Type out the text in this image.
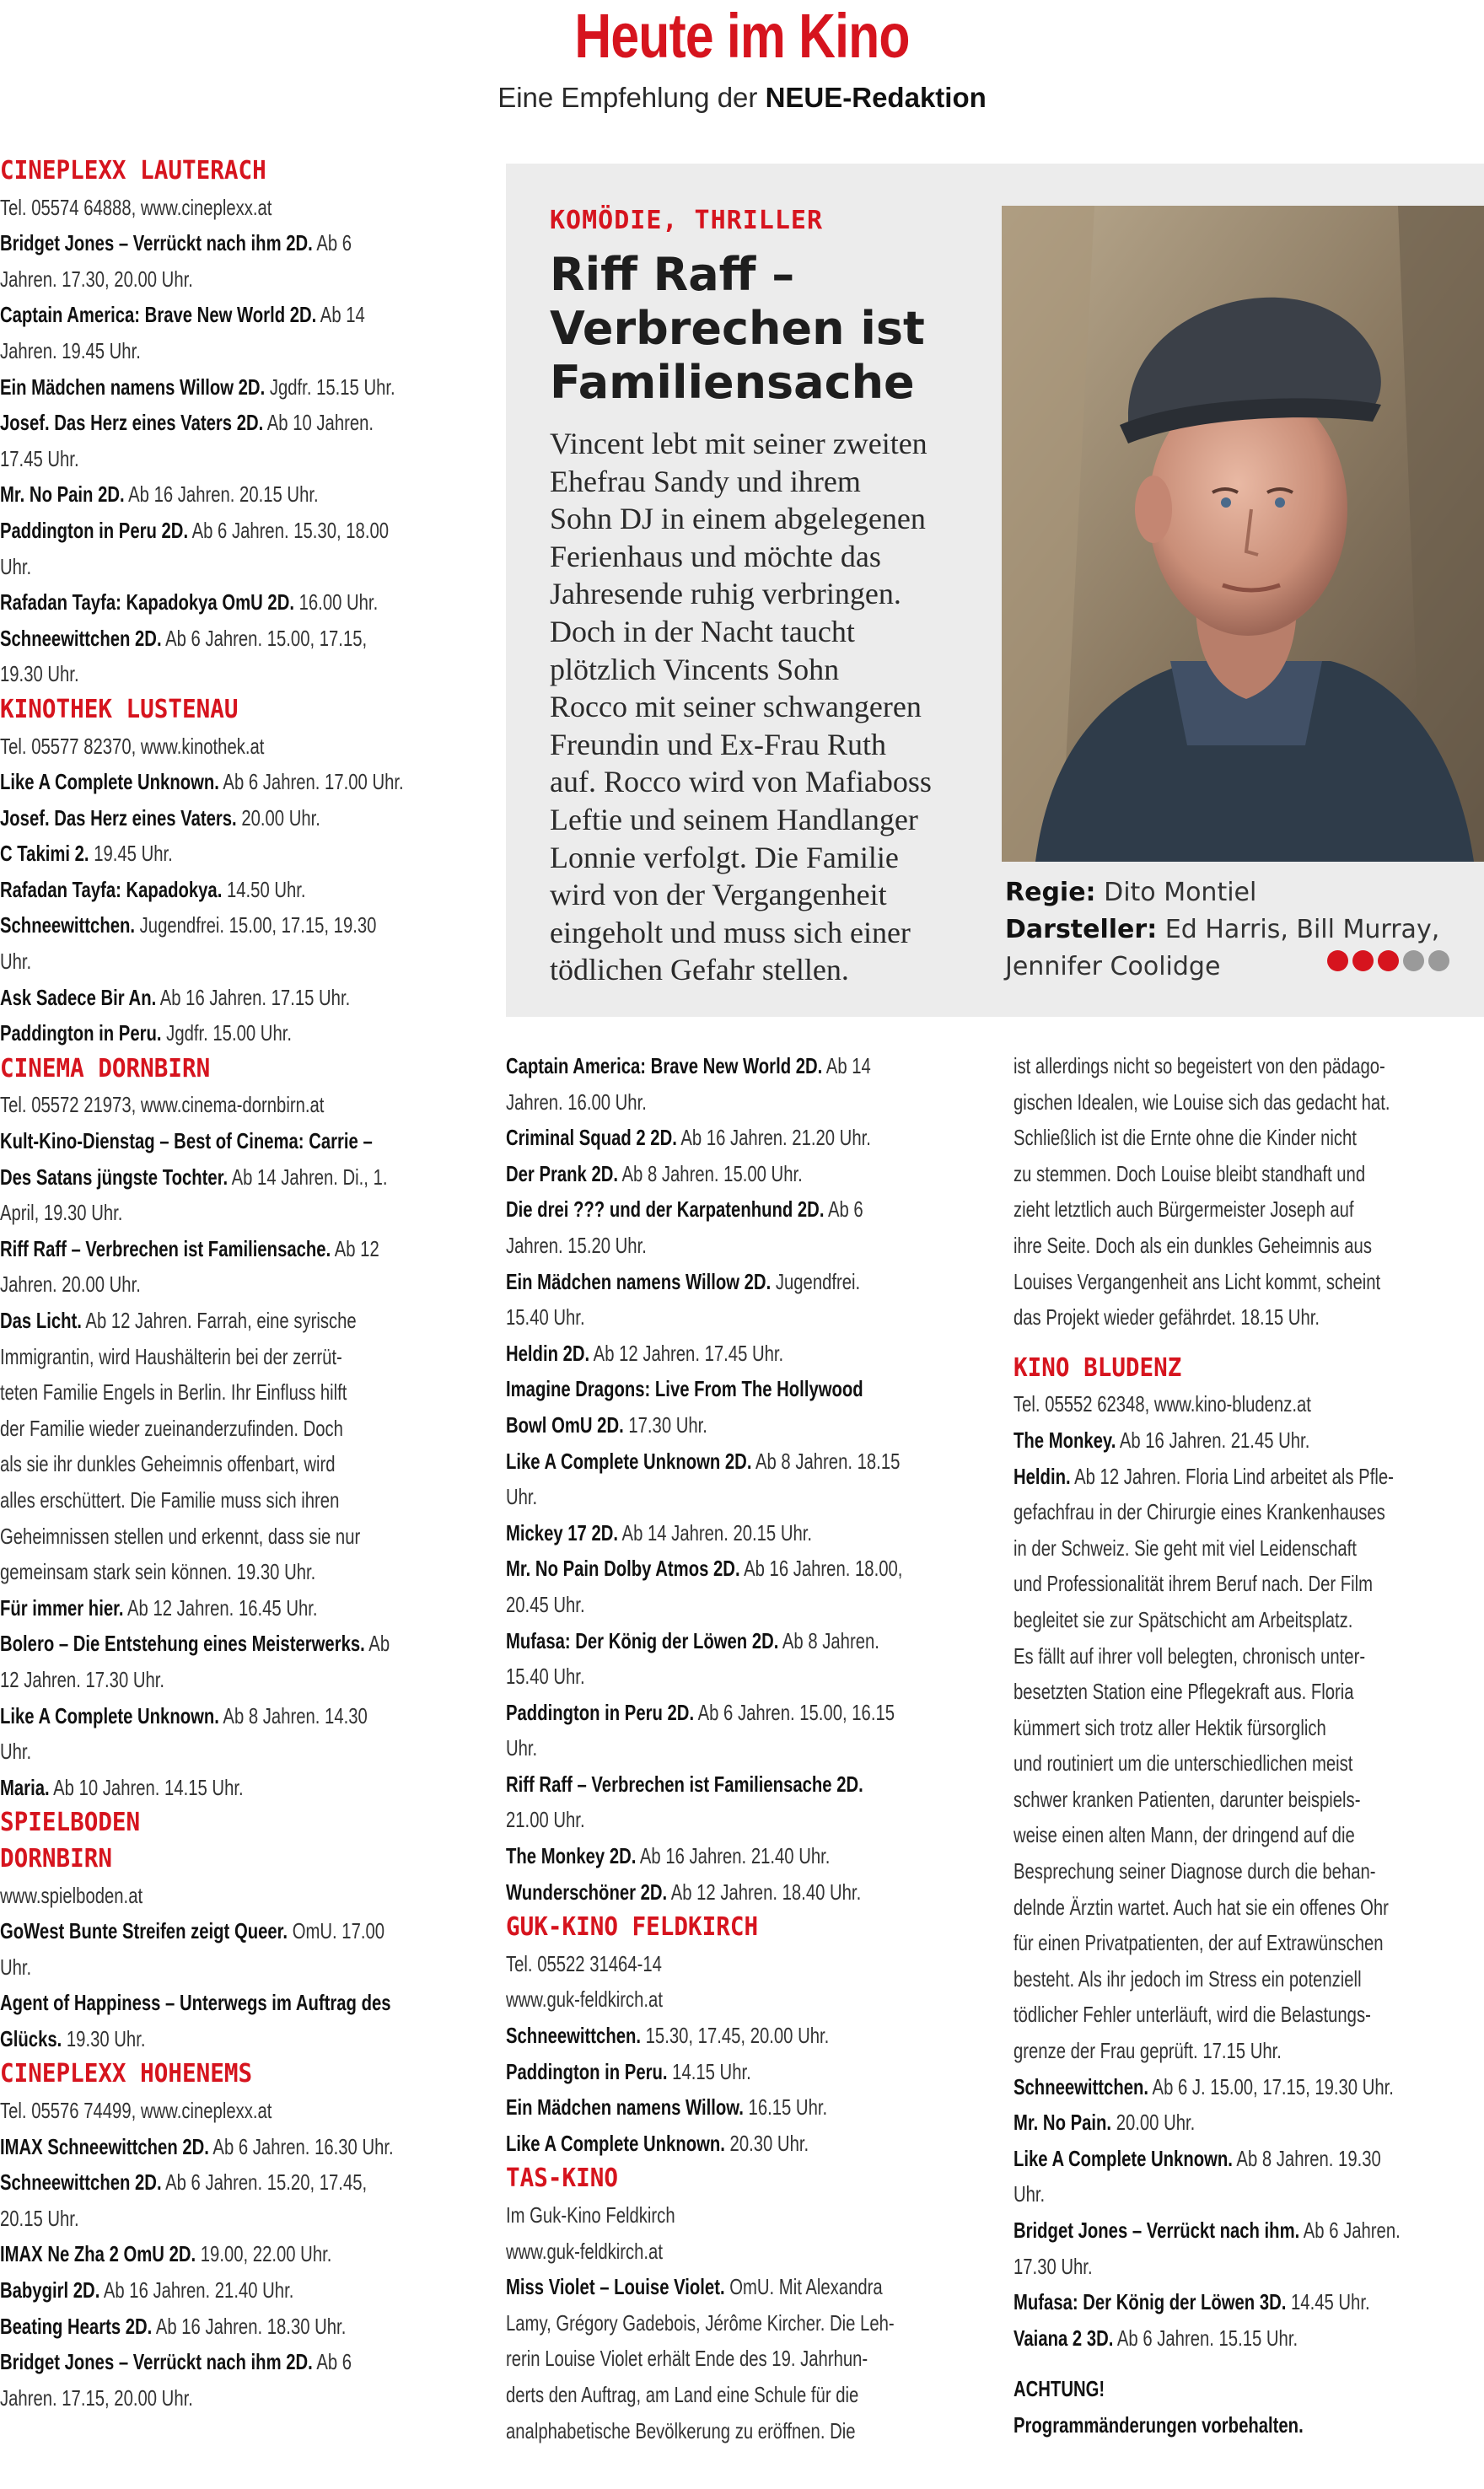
Heute im Kino
Eine Empfehlung der NEUE-Redaktion
CINEPLEXX LAUTERACH
Tel. 05574 64888, www.cineplexx.at
Bridget Jones – Verrückt nach ihm 2D. Ab 6
Jahren. 17.30, 20.00 Uhr.
Captain America: Brave New World 2D. Ab 14
Jahren. 19.45 Uhr.
Ein Mädchen namens Willow 2D. Jgdfr. 15.15 Uhr.
Josef. Das Herz eines Vaters 2D. Ab 10 Jahren.
17.45 Uhr.
Mr. No Pain 2D. Ab 16 Jahren. 20.15 Uhr.
Paddington in Peru 2D. Ab 6 Jahren. 15.30, 18.00
Uhr.
Rafadan Tayfa: Kapadokya OmU 2D. 16.00 Uhr.
Schneewittchen 2D. Ab 6 Jahren. 15.00, 17.15,
19.30 Uhr.
KINOTHEK LUSTENAU
Tel. 05577 82370, www.kinothek.at
Like A Complete Unknown. Ab 6 Jahren. 17.00 Uhr.
Josef. Das Herz eines Vaters. 20.00 Uhr.
C Takimi 2. 19.45 Uhr.
Rafadan Tayfa: Kapadokya. 14.50 Uhr.
Schneewittchen. Jugendfrei. 15.00, 17.15, 19.30
Uhr.
Ask Sadece Bir An. Ab 16 Jahren. 17.15 Uhr.
Paddington in Peru. Jgdfr. 15.00 Uhr.
CINEMA DORNBIRN
Tel. 05572 21973, www.cinema-dornbirn.at
Kult-Kino-Dienstag – Best of Cinema: Carrie –
Des Satans jüngste Tochter. Ab 14 Jahren. Di., 1.
April, 19.30 Uhr.
Riff Raff – Verbrechen ist Familiensache. Ab 12
Jahren. 20.00 Uhr.
Das Licht. Ab 12 Jahren. Farrah, eine syrische
Immigrantin, wird Haushälterin bei der zerrüt-
teten Familie Engels in Berlin. Ihr Einfluss hilft
der Familie wieder zueinanderzufinden. Doch
als sie ihr dunkles Geheimnis offenbart, wird
alles erschüttert. Die Familie muss sich ihren
Geheimnissen stellen und erkennt, dass sie nur
gemeinsam stark sein können. 19.30 Uhr.
Für immer hier. Ab 12 Jahren. 16.45 Uhr.
Bolero – Die Entstehung eines Meisterwerks. Ab
12 Jahren. 17.30 Uhr.
Like A Complete Unknown. Ab 8 Jahren. 14.30
Uhr.
Maria. Ab 10 Jahren. 14.15 Uhr.
SPIELBODEN
DORNBIRN
www.spielboden.at
GoWest Bunte Streifen zeigt Queer. OmU. 17.00
Uhr.
Agent of Happiness – Unterwegs im Auftrag des
Glücks. 19.30 Uhr.
CINEPLEXX HOHENEMS
Tel. 05576 74499, www.cineplexx.at
IMAX Schneewittchen 2D. Ab 6 Jahren. 16.30 Uhr.
Schneewittchen 2D. Ab 6 Jahren. 15.20, 17.45,
20.15 Uhr.
IMAX Ne Zha 2 OmU 2D. 19.00, 22.00 Uhr.
Babygirl 2D. Ab 16 Jahren. 21.40 Uhr.
Beating Hearts 2D. Ab 16 Jahren. 18.30 Uhr.
Bridget Jones – Verrückt nach ihm 2D. Ab 6
Jahren. 17.15, 20.00 Uhr.
KOMÖDIE, THRILLER
Riff Raff –
Verbrechen ist
Familiensache
Vincent lebt mit seiner zweiten
Ehefrau Sandy und ihrem
Sohn DJ in einem abgelegenen
Ferienhaus und möchte das
Jahresende ruhig verbringen.
Doch in der Nacht taucht
plötzlich Vincents Sohn
Rocco mit seiner schwangeren
Freundin und Ex-Frau Ruth
auf. Rocco wird von Mafiaboss
Leftie und seinem Handlanger
Lonnie verfolgt. Die Familie
wird von der Vergangenheit
eingeholt und muss sich einer
tödlichen Gefahr stellen.
Regie: Dito Montiel
Darsteller: Ed Harris, Bill Murray,
Jennifer Coolidge
Captain America: Brave New World 2D. Ab 14
Jahren. 16.00 Uhr.
Criminal Squad 2 2D. Ab 16 Jahren. 21.20 Uhr.
Der Prank 2D. Ab 8 Jahren. 15.00 Uhr.
Die drei ??? und der Karpatenhund 2D. Ab 6
Jahren. 15.20 Uhr.
Ein Mädchen namens Willow 2D. Jugendfrei.
15.40 Uhr.
Heldin 2D. Ab 12 Jahren. 17.45 Uhr.
Imagine Dragons: Live From The Hollywood
Bowl OmU 2D. 17.30 Uhr.
Like A Complete Unknown 2D. Ab 8 Jahren. 18.15
Uhr.
Mickey 17 2D. Ab 14 Jahren. 20.15 Uhr.
Mr. No Pain Dolby Atmos 2D. Ab 16 Jahren. 18.00,
20.45 Uhr.
Mufasa: Der König der Löwen 2D. Ab 8 Jahren.
15.40 Uhr.
Paddington in Peru 2D. Ab 6 Jahren. 15.00, 16.15
Uhr.
Riff Raff – Verbrechen ist Familiensache 2D.
21.00 Uhr.
The Monkey 2D. Ab 16 Jahren. 21.40 Uhr.
Wunderschöner 2D. Ab 12 Jahren. 18.40 Uhr.
GUK-KINO FELDKIRCH
Tel. 05522 31464-14
www.guk-feldkirch.at
Schneewittchen. 15.30, 17.45, 20.00 Uhr.
Paddington in Peru. 14.15 Uhr.
Ein Mädchen namens Willow. 16.15 Uhr.
Like A Complete Unknown. 20.30 Uhr.
TAS-KINO
Im Guk-Kino Feldkirch
www.guk-feldkirch.at
Miss Violet – Louise Violet. OmU. Mit Alexandra
Lamy, Grégory Gadebois, Jérôme Kircher. Die Leh-
rerin Louise Violet erhält Ende des 19. Jahrhun-
derts den Auftrag, am Land eine Schule für die
analphabetische Bevölkerung zu eröffnen. Die
ist allerdings nicht so begeistert von den pädago-
gischen Idealen, wie Louise sich das gedacht hat.
Schließlich ist die Ernte ohne die Kinder nicht
zu stemmen. Doch Louise bleibt standhaft und
zieht letztlich auch Bürgermeister Joseph auf
ihre Seite. Doch als ein dunkles Geheimnis aus
Louises Vergangenheit ans Licht kommt, scheint
das Projekt wieder gefährdet. 18.15 Uhr.
KINO BLUDENZ
Tel. 05552 62348, www.kino-bludenz.at
The Monkey. Ab 16 Jahren. 21.45 Uhr.
Heldin. Ab 12 Jahren. Floria Lind arbeitet als Pfle-
gefachfrau in der Chirurgie eines Krankenhauses
in der Schweiz. Sie geht mit viel Leidenschaft
und Professionalität ihrem Beruf nach. Der Film
begleitet sie zur Spätschicht am Arbeitsplatz.
Es fällt auf ihrer voll belegten, chronisch unter-
besetzten Station eine Pflegekraft aus. Floria
kümmert sich trotz aller Hektik fürsorglich
und routiniert um die unterschiedlichen meist
schwer kranken Patienten, darunter beispiels-
weise einen alten Mann, der dringend auf die
Besprechung seiner Diagnose durch die behan-
delnde Ärztin wartet. Auch hat sie ein offenes Ohr
für einen Privatpatienten, der auf Extrawünschen
besteht. Als ihr jedoch im Stress ein potenziell
tödlicher Fehler unterläuft, wird die Belastungs-
grenze der Frau geprüft. 17.15 Uhr.
Schneewittchen. Ab 6 J. 15.00, 17.15, 19.30 Uhr.
Mr. No Pain. 20.00 Uhr.
Like A Complete Unknown. Ab 8 Jahren. 19.30
Uhr.
Bridget Jones – Verrückt nach ihm. Ab 6 Jahren.
17.30 Uhr.
Mufasa: Der König der Löwen 3D. 14.45 Uhr.
Vaiana 2 3D. Ab 6 Jahren. 15.15 Uhr.
ACHTUNG!
Programmänderungen vorbehalten.
